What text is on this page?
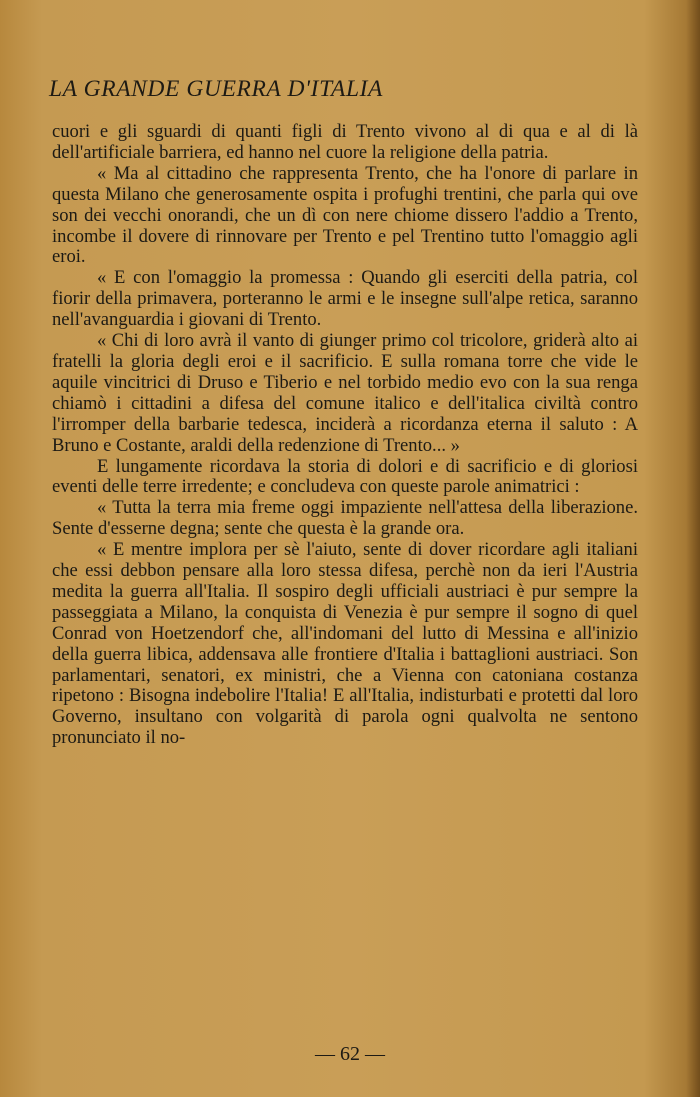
LA GRANDE GUERRA D'ITALIA

cuori e gli sguardi di quanti figli di Trento vivono al di qua e al di là dell'artificiale barriera, ed hanno nel cuore la religione della patria.

« Ma al cittadino che rappresenta Trento, che ha l'onore di parlare in questa Milano che generosamente ospita i profughi trentini, che parla qui ove son dei vecchi onorandi, che un dì con nere chiome dissero l'addio a Trento, incombe il dovere di rinnovare per Trento e pel Trentino tutto l'omaggio agli eroi.

« E con l'omaggio la promessa : Quando gli eserciti della patria, col fiorir della primavera, porteranno le armi e le insegne sull'alpe retica, saranno nell'avanguardia i giovani di Trento.

« Chi di loro avrà il vanto di giunger primo col tricolore, griderà alto ai fratelli la gloria degli eroi e il sacrificio. E sulla romana torre che vide le aquile vincitrici di Druso e Tiberio e nel torbido medio evo con la sua renga chiamò i cittadini a difesa del comune italico e dell'italica civiltà contro l'irromper della barbarie tedesca, inciderà a ricordanza eterna il saluto : A Bruno e Costante, araldi della redenzione di Trento... »

E lungamente ricordava la storia di dolori e di sacrificio e di gloriosi eventi delle terre irredente; e concludeva con queste parole animatrici :

« Tutta la terra mia freme oggi impaziente nell'attesa della liberazione. Sente d'esserne degna; sente che questa è la grande ora.

« E mentre implora per sè l'aiuto, sente di dover ricordare agli italiani che essi debbon pensare alla loro stessa difesa, perchè non da ieri l'Austria medita la guerra all'Italia. Il sospiro degli ufficiali austriaci è pur sempre la passeggiata a Milano, la conquista di Venezia è pur sempre il sogno di quel Conrad von Hoetzendorf che, all'indomani del lutto di Messina e all'inizio della guerra libica, addensava alle frontiere d'Italia i battaglioni austriaci. Son parlamentari, senatori, ex ministri, che a Vienna con catoniana costanza ripetono : Bisogna indebolire l'Italia! E all'Italia, indisturbati e protetti dal loro Governo, insultano con volgarità di parola ogni qualvolta ne sentono pronunciato il no-

— 62 —
